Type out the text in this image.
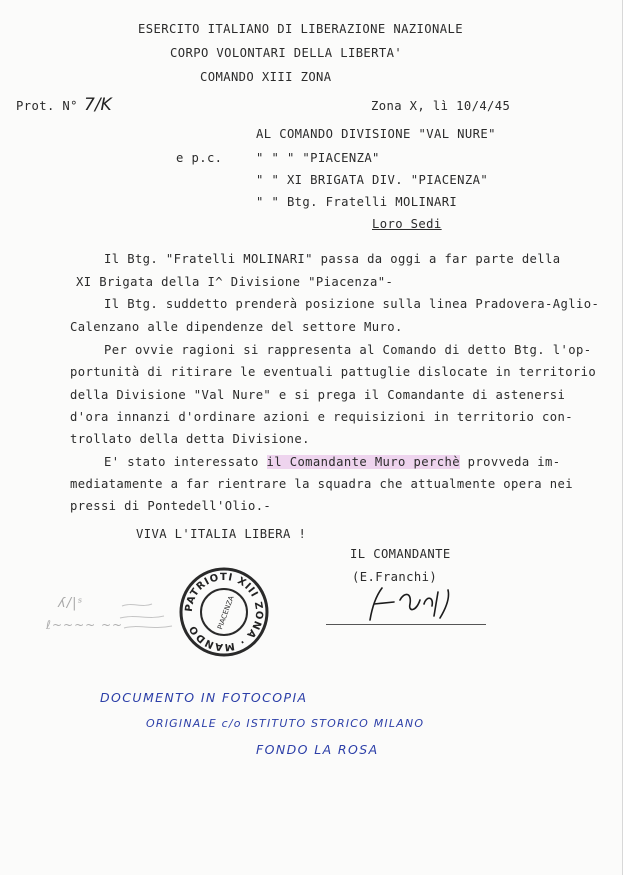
ESERCITO ITALIANO DI LIBERAZIONE NAZIONALE
CORPO VOLONTARI DELLA LIBERTA'
COMANDO XIII ZONA
Prot. N° 7/K	Zona X, lì 10/4/45
AL COMANDO DIVISIONE "VAL NURE"
e p.c.	" " " "PIACENZA"
" " XI BRIGATA DIV. "PIACENZA"
" " Btg. Fratelli MOLINARI
Loro Sedi
Il Btg. "Fratelli MOLINARI" passa da oggi a far parte della
XI Brigata della I^ Divisione "Piacenza"-
Il Btg. suddetto prenderà posizione sulla linea Pradovera-Aglio-
Calenzano alle dipendenze del settore Muro.
Per ovvie ragioni si rappresenta al Comando di detto Btg. l'op-
portunità di ritirare le eventuali pattuglie dislocate in territorio
della Divisione "Val Nure" e si prega il Comandante di astenersi
d'ora innanzi d'ordinare azioni e requisizioni in territorio con-
trollato della detta Divisione.
E' stato interessato il Comandante Muro perchè provveda im-
mediatamente a far rientrare la squadra che attualmente opera nei
pressi di Pontedell'Olio.-
VIVA L'ITALIA LIBERA !
IL COMANDANTE
(E.Franchi)
ʎ/|ˢ
ℓ~~~~ ~~
PATRIOTI XIII ZONA · MANDO	PIACENZA
DOCUMENTO IN FOTOCOPIA
ORIGINALE c/o ISTITUTO STORICO MILANO
FONDO LA ROSA
